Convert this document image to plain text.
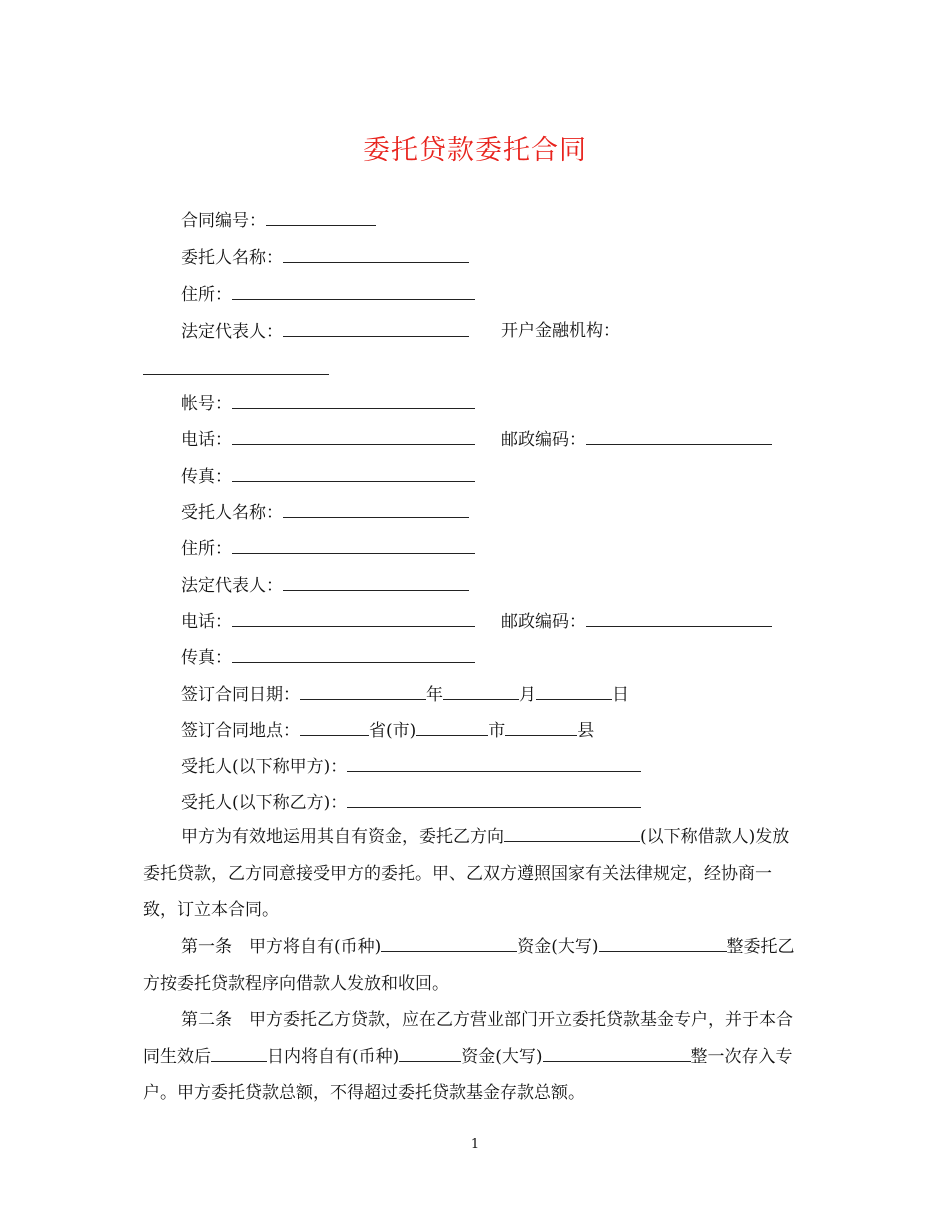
委托贷款委托合同
合同编号：
委托人名称：
住所：
法定代表人：	开户金融机构：
帐号：
电话：	邮政编码：
传真：
受托人名称：
住所：
法定代表人：
电话：	邮政编码：
传真：
签订合同日期：	年	月	日
签订合同地点：	省(市)	市	县
受托人(以下称甲方)：
受托人(以下称乙方)：
甲方为有效地运用其自有资金，委托乙方向	(以下称借款人)发放委托贷款，乙方同意接受甲方的委托。甲、乙双方遵照国家有关法律规定，经协商一致，订立本合同。
第一条  甲方将自有(币种)	资金(大写)	整委托乙方按委托贷款程序向借款人发放和收回。
第二条  甲方委托乙方贷款，应在乙方营业部门开立委托贷款基金专户，并于本合同生效后	日内将自有(币种)	资金(大写)	整一次存入专户。甲方委托贷款总额，不得超过委托贷款基金存款总额。
1
